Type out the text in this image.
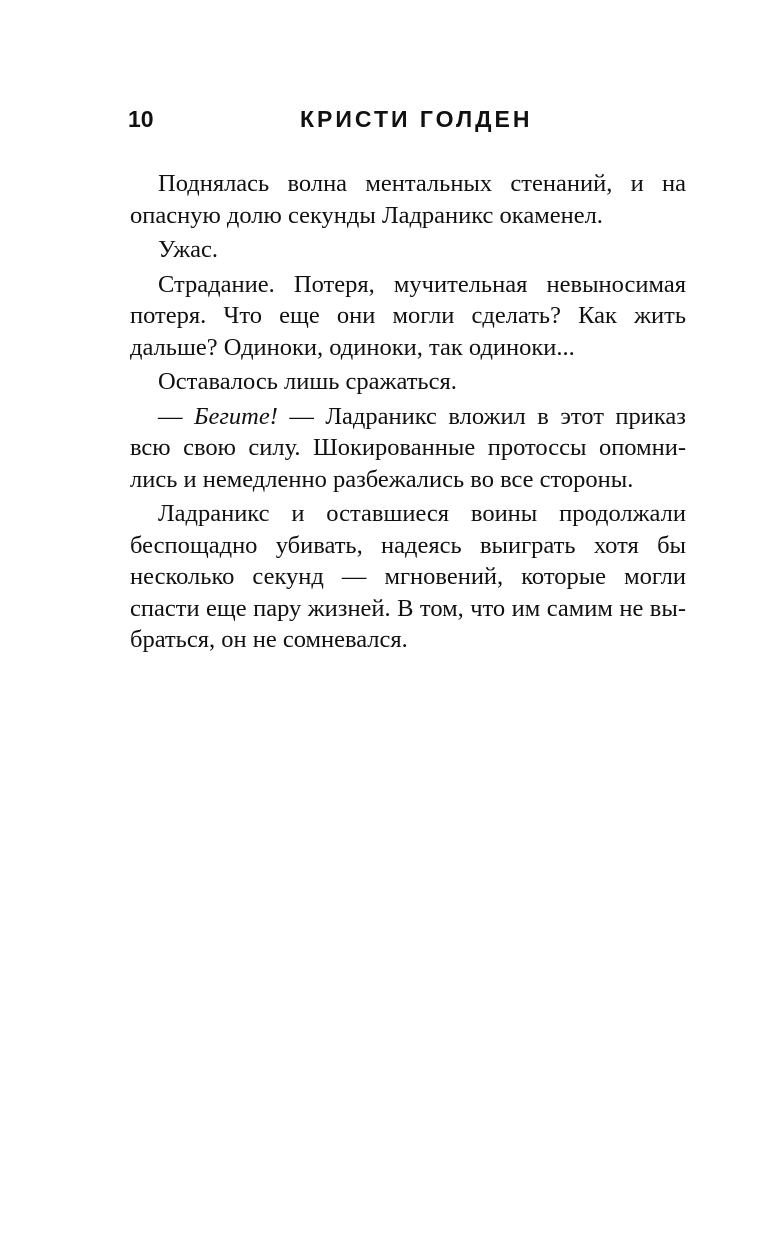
10	КРИСТИ ГОЛДЕН

Поднялась волна ментальных стенаний, и на опасную долю секунды Ладраникс окаменел.

Ужас.

Страдание. Потеря, мучительная невыносимая потеря. Что еще они могли сделать? Как жить дальше? Одиноки, одиноки, так одиноки...

Оставалось лишь сражаться.

— Бегите! — Ладраникс вложил в этот приказ всю свою силу. Шокированные протоссы опомнились и немедленно разбежались во все стороны.

Ладраникс и оставшиеся воины продолжали беспощадно убивать, надеясь выиграть хотя бы несколько секунд — мгновений, которые могли спасти еще пару жизней. В том, что им самим не выбраться, он не сомневался.
